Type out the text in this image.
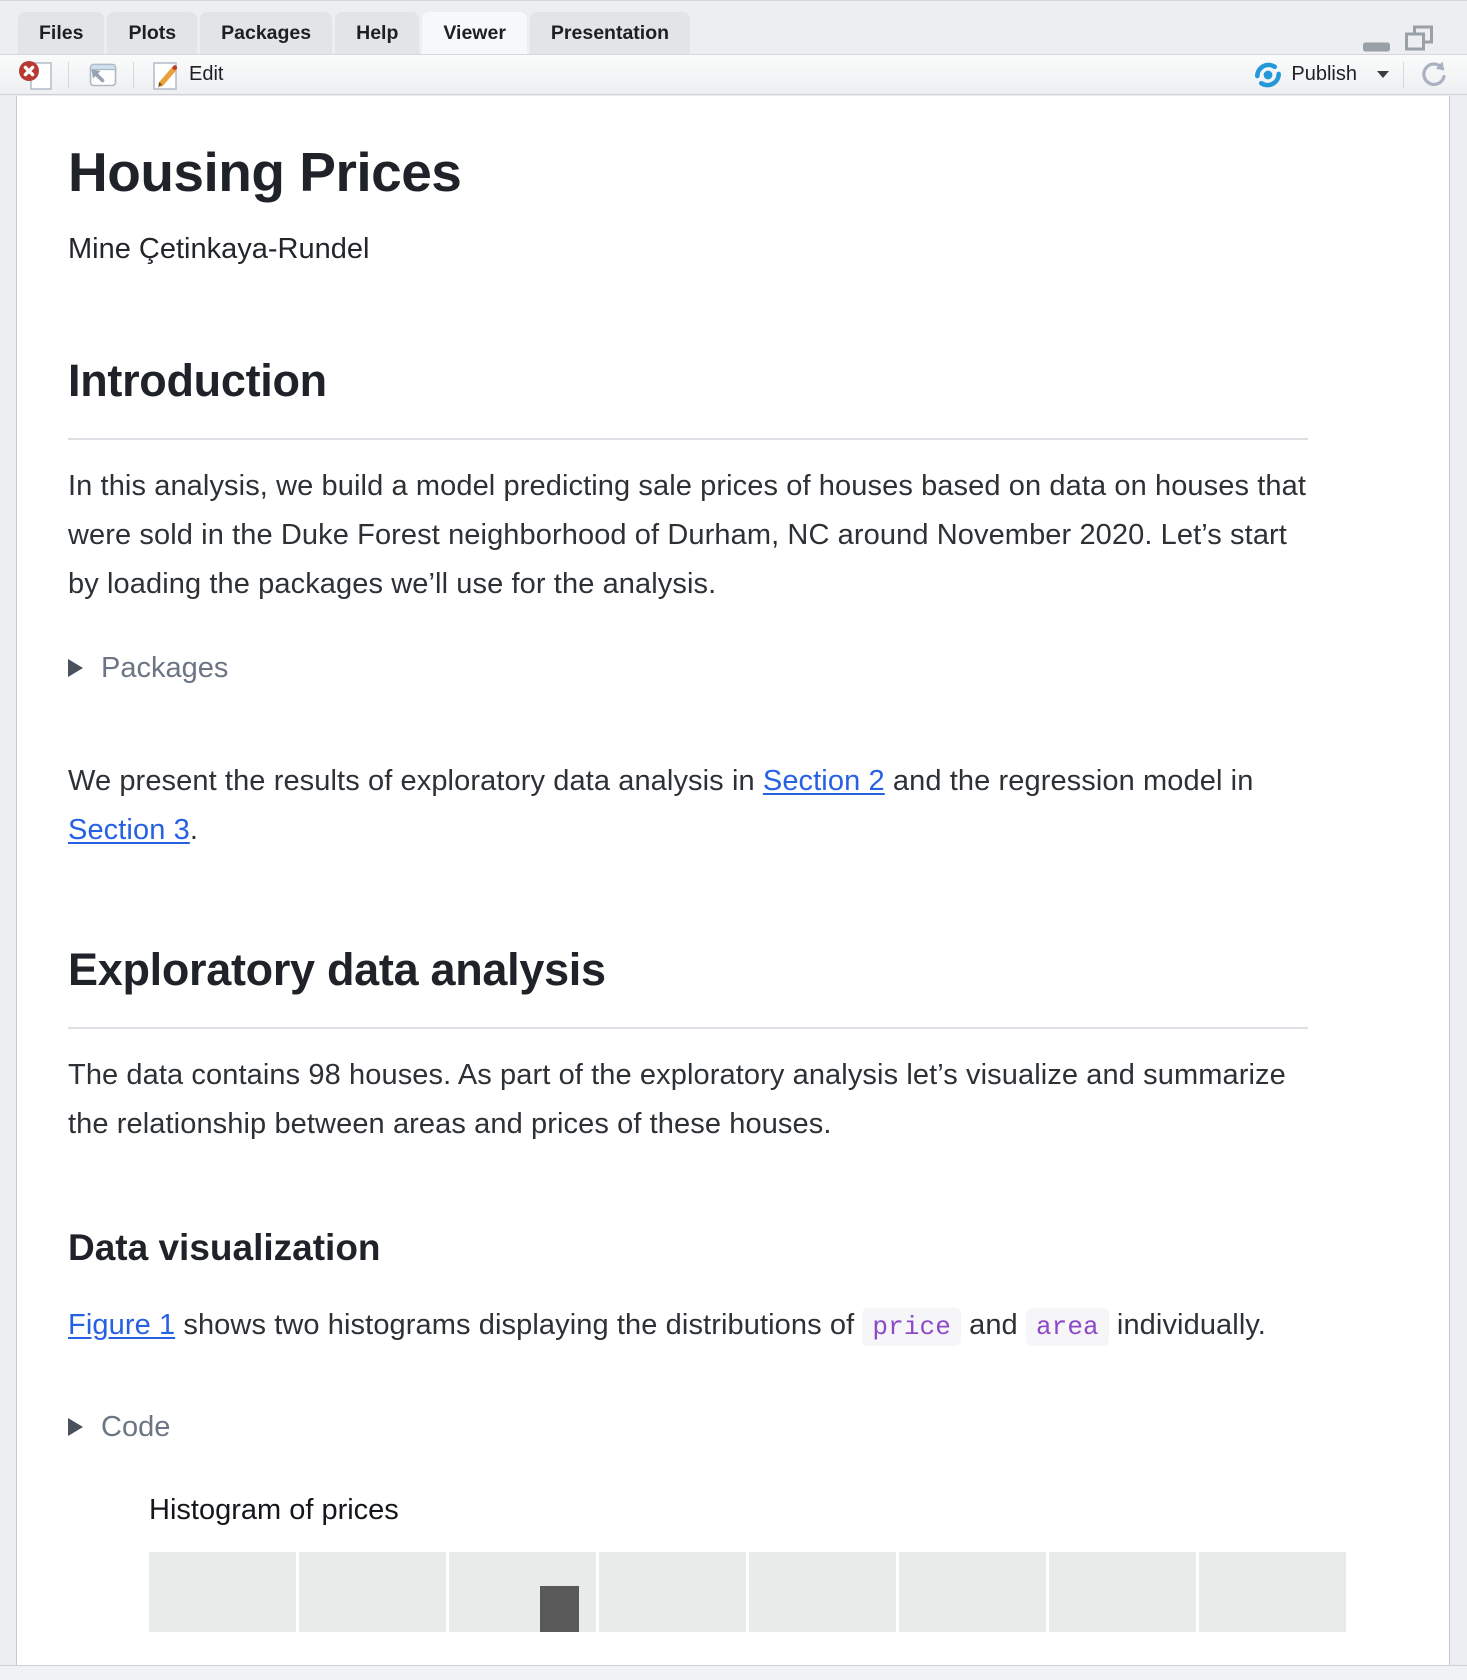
Files	Plots	Packages	Help	Viewer	Presentation
Edit	Publish
Housing Prices
Mine Çetinkaya-Rundel
Introduction

In this analysis, we build a model predicting sale prices of houses based on data on houses that were sold in the Duke Forest neighborhood of Durham, NC around November 2020. Let’s start by loading the packages we’ll use for the analysis.

Packages

We present the results of exploratory data analysis in Section 2 and the regression model in Section 3.

Exploratory data analysis

The data contains 98 houses. As part of the exploratory analysis let’s visualize and summarize the relationship between areas and prices of these houses.

Data visualization

Figure 1 shows two histograms displaying the distributions of price and area individually.

Code
Histogram of prices
